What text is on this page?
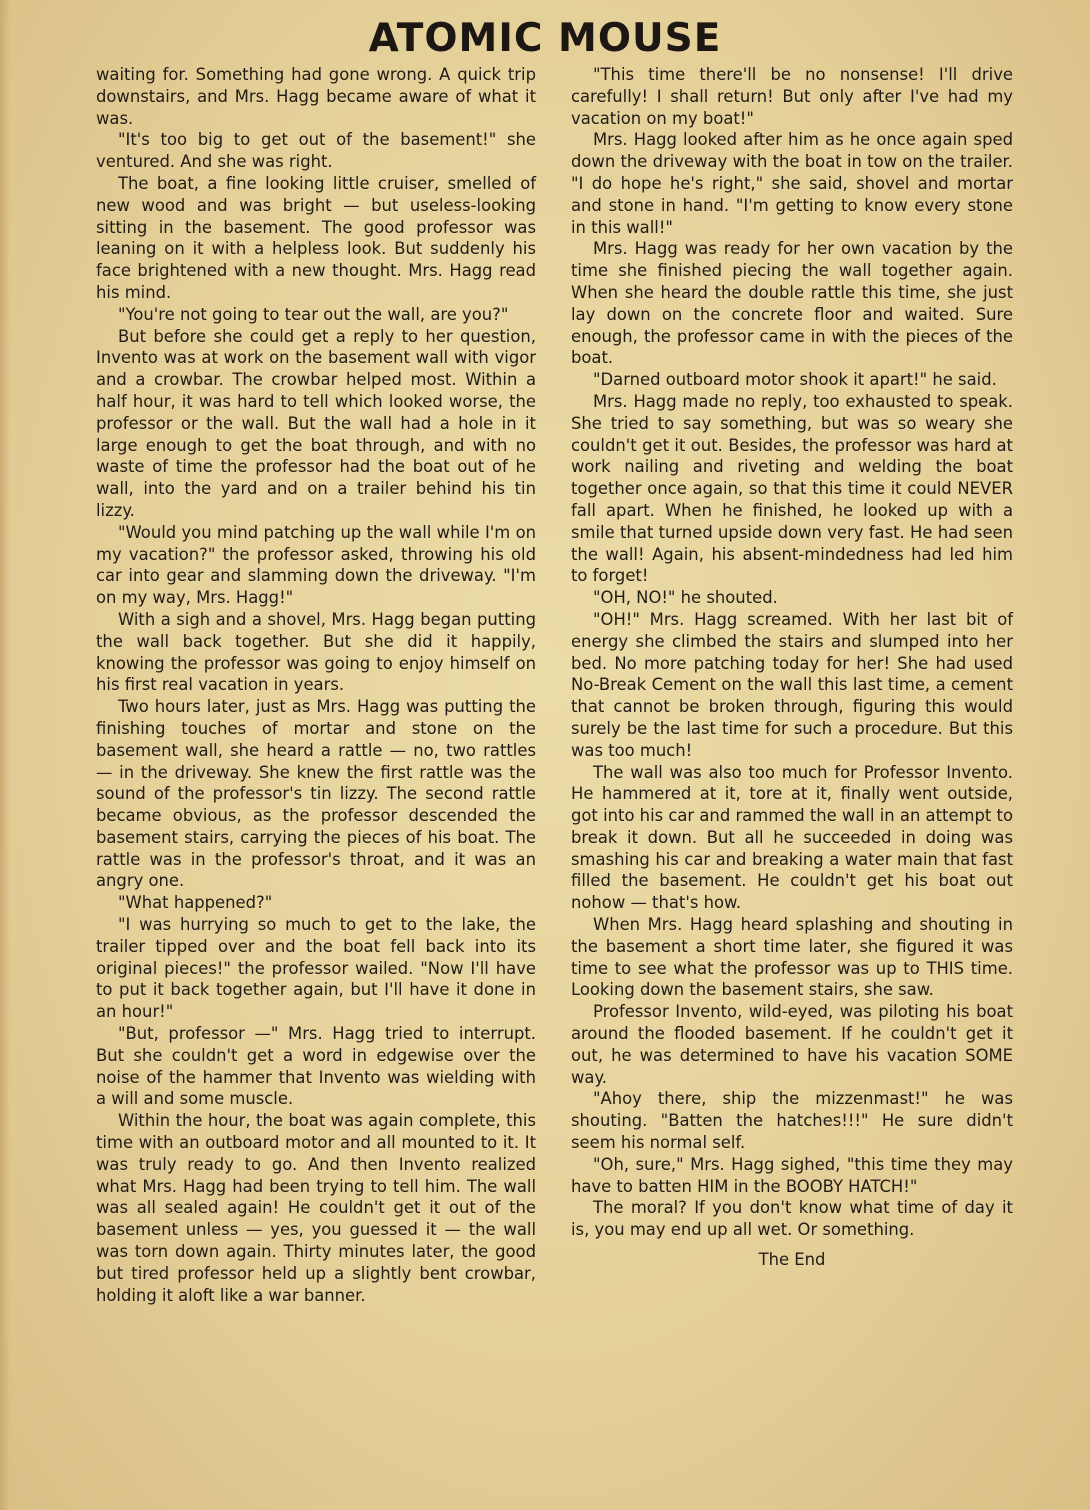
ATOMIC MOUSE

waiting for. Something had gone wrong. A quick trip downstairs, and Mrs. Hagg became aware of what it was.

"It's too big to get out of the basement!" she ventured. And she was right.

The boat, a fine looking little cruiser, smelled of new wood and was bright — but useless-looking sitting in the basement. The good professor was leaning on it with a helpless look. But suddenly his face brightened with a new thought. Mrs. Hagg read his mind.

"You're not going to tear out the wall, are you?"

But before she could get a reply to her question, Invento was at work on the basement wall with vigor and a crowbar. The crowbar helped most. Within a half hour, it was hard to tell which looked worse, the professor or the wall. But the wall had a hole in it large enough to get the boat through, and with no waste of time the professor had the boat out of he wall, into the yard and on a trailer behind his tin lizzy.

"Would you mind patching up the wall while I'm on my vacation?" the professor asked, throwing his old car into gear and slamming down the driveway. "I'm on my way, Mrs. Hagg!"

With a sigh and a shovel, Mrs. Hagg began putting the wall back together. But she did it happily, knowing the professor was going to enjoy himself on his first real vacation in years.

Two hours later, just as Mrs. Hagg was putting the finishing touches of mortar and stone on the basement wall, she heard a rattle — no, two rattles — in the driveway. She knew the first rattle was the sound of the professor's tin lizzy. The second rattle became obvious, as the professor descended the basement stairs, carrying the pieces of his boat. The rattle was in the professor's throat, and it was an angry one.

"What happened?"

"I was hurrying so much to get to the lake, the trailer tipped over and the boat fell back into its original pieces!" the professor wailed. "Now I'll have to put it back together again, but I'll have it done in an hour!"

"But, professor —" Mrs. Hagg tried to interrupt. But she couldn't get a word in edgewise over the noise of the hammer that Invento was wielding with a will and some muscle.

Within the hour, the boat was again complete, this time with an outboard motor and all mounted to it. It was truly ready to go. And then Invento realized what Mrs. Hagg had been trying to tell him. The wall was all sealed again! He couldn't get it out of the basement unless — yes, you guessed it — the wall was torn down again. Thirty minutes later, the good but tired professor held up a slightly bent crowbar, holding it aloft like a war banner.

"This time there'll be no nonsense! I'll drive carefully! I shall return! But only after I've had my vacation on my boat!"

Mrs. Hagg looked after him as he once again sped down the driveway with the boat in tow on the trailer. "I do hope he's right," she said, shovel and mortar and stone in hand. "I'm getting to know every stone in this wall!"

Mrs. Hagg was ready for her own vacation by the time she finished piecing the wall together again. When she heard the double rattle this time, she just lay down on the concrete floor and waited. Sure enough, the professor came in with the pieces of the boat.

"Darned outboard motor shook it apart!" he said.

Mrs. Hagg made no reply, too exhausted to speak. She tried to say something, but was so weary she couldn't get it out. Besides, the professor was hard at work nailing and riveting and welding the boat together once again, so that this time it could NEVER fall apart. When he finished, he looked up with a smile that turned upside down very fast. He had seen the wall! Again, his absent-mindedness had led him to forget!

"OH, NO!" he shouted.

"OH!" Mrs. Hagg screamed. With her last bit of energy she climbed the stairs and slumped into her bed. No more patching today for her! She had used No-Break Cement on the wall this last time, a cement that cannot be broken through, figuring this would surely be the last time for such a procedure. But this was too much!

The wall was also too much for Professor Invento. He hammered at it, tore at it, finally went outside, got into his car and rammed the wall in an attempt to break it down. But all he succeeded in doing was smashing his car and breaking a water main that fast filled the basement. He couldn't get his boat out nohow — that's how.

When Mrs. Hagg heard splashing and shouting in the basement a short time later, she figured it was time to see what the professor was up to THIS time. Looking down the basement stairs, she saw.

Professor Invento, wild-eyed, was piloting his boat around the flooded basement. If he couldn't get it out, he was determined to have his vacation SOME way.

"Ahoy there, ship the mizzenmast!" he was shouting. "Batten the hatches!!!" He sure didn't seem his normal self.

"Oh, sure," Mrs. Hagg sighed, "this time they may have to batten HIM in the BOOBY HATCH!"

The moral? If you don't know what time of day it is, you may end up all wet. Or something.

The End
